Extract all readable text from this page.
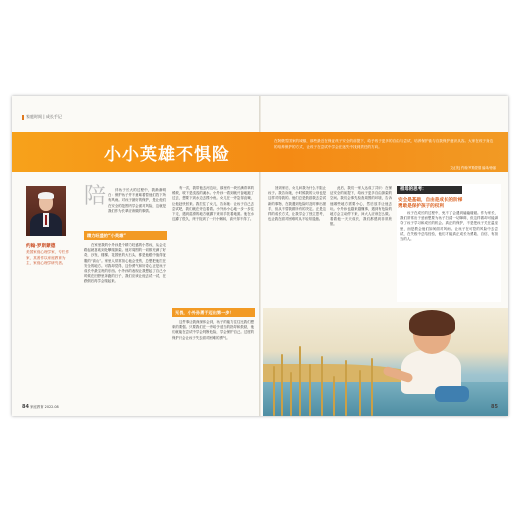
家庭时间 | 成长手记
小小英雄不惧险
在阿俄雪国家的城镇，那些最近在保证孩子安全的前提下，给予孩子更多的自由与尝试，培养保护欲与自我保护意识从容。大家在孩子身边的培养保护的方式，让孩子在尝试中学会在迷失中找到责任的方向。
文/[美] 约翰·罗斯蒙德 编译/徐丽
约翰·罗斯蒙德
美国家庭心理学家，专栏作家，其著作以家庭教育为主，家庭心理学研究者。
陪	伴孩子长大的过程中，我渐渐明白：保护孩子并不意味着替他们挡下所有风雨。对孩子最好的保护，是让他们在安全的范围内学会面对风险，这就是我们作为长辈应该做的事情。

精力旺盛的“小英雄”

在家里我的小外孙是个精力旺盛的小男孩，从会走路起就喜欢到处攀爬探索。他对周围的一切都充满了好奇，沙发、楼梯、花园里的大石头，都是他眼中值得征服的“高山”。家里人常常担心他会受伤，总想把他拦在安全的地方。可我却觉得，这份勇气和好奇心正是孩子成长中最宝贵的东西。小外孙的表现让我想起了自己小时候在田野里奔跑的日子，我们应该让他去试一试，在跌倒后再学会爬起来。

有一次，我带他去河边玩，那里有一块长满青草的缓坡，坡下是浅浅的溪水。小外孙一看到就兴奋地跑了过去，想要下到水边去摸小鱼。女儿在一旁急得直喊，让他赶快回来。我拦住了女儿，告诉她：让孩子自己去尝试吧，我们就在旁边看着。小外孙小心地一步一步往下走，遇到湿滑的地方就蹲下来用手扶着地面。他在水边蹲了很久，终于捉到了一只小蝌蚪，高兴得不得了。

无畏，小外孙勇于迈出第一步！

这件事让我深深体会到，孩子的能力往往比我们想象的要强。只要我们在一旁给予适当的指导和鼓励，他们就能在尝试中学会判断危险，学会保护自己。过度的保护只会让孩子失去面对困难的勇气。

回到家后，女儿问我为什么不阻止孩子。我告诉她，小时候我的父母也是这样对待我的。他们总是鼓励我去尝试新的事物，在我遇到危险时及时伸出援手，但从不替我做所有的决定。正是这样的成长方式，让我学会了独立思考，也让我在面对困难时从不轻易退缩。

此后，我们一家人达成了共识：在保证安全的前提下，给孩子更多自由探索的空间。我们会事先检查周围的环境，告诉他哪些地方需要小心，然后放手让他去玩。小外孙也越来越懂事，遇到有危险的地方会主动停下来，问大人应该怎么做。看着他一天天成长，我们都感到非常欣慰。

祖母的思考：
安全是基础，自由是成长的阶梯
勇敢是保护孩子的权利

孩子在成长的过程中，免不了会遇到磕磕碰碰。作为家长，我们常常出于爱而想要为孩子扫清一切障碍，但这样做却可能剥夺了孩子学习和成长的机会。真正的保护，不是把孩子关在温室里，而是教会他们如何面对风雨。让孩子在可控的风险中去尝试，在失败中总结经验，他们才能真正成长为勇敢、自信、有担当的人。

84 家庭教育 2022.08	85
